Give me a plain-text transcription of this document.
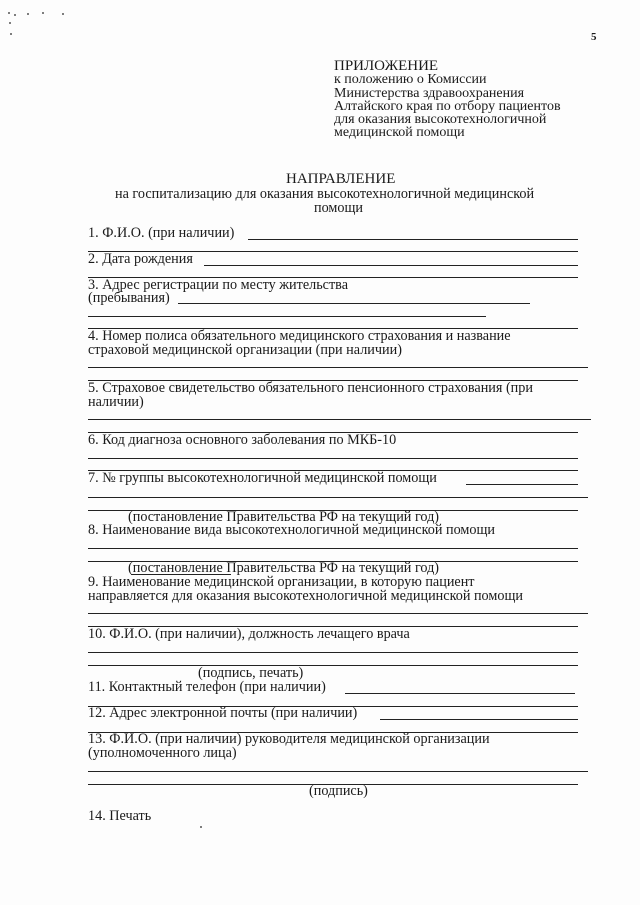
5
ПРИЛОЖЕНИЕ
к положению о Комиссии
Министерства здравоохранения
Алтайского края по отбору пациентов
для оказания высокотехнологичной
медицинской помощи
НАПРАВЛЕНИЕ
на госпитализацию для оказания высокотехнологичной медицинской
помощи
1. Ф.И.О. (при наличии)
2. Дата рождения
3. Адрес регистрации по месту жительства
(пребывания)
4. Номер полиса обязательного медицинского страхования и название
страховой медицинской организации (при наличии)
5. Страховое свидетельство обязательного пенсионного страхования (при
наличии)
6. Код диагноза основного заболевания по МКБ-10
7. № группы высокотехнологичной медицинской помощи
(постановление Правительства РФ на текущий год)
8. Наименование вида высокотехнологичной медицинской помощи
(постановление Правительства РФ на текущий год)
9. Наименование медицинской организации, в которую пациент
направляется для оказания высокотехнологичной медицинской помощи
10. Ф.И.О. (при наличии), должность лечащего врача
(подпись, печать)
11. Контактный телефон (при наличии)
12. Адрес электронной почты (при наличии)
13. Ф.И.О. (при наличии) руководителя медицинской организации
(уполномоченного лица)
(подпись)
14. Печать
